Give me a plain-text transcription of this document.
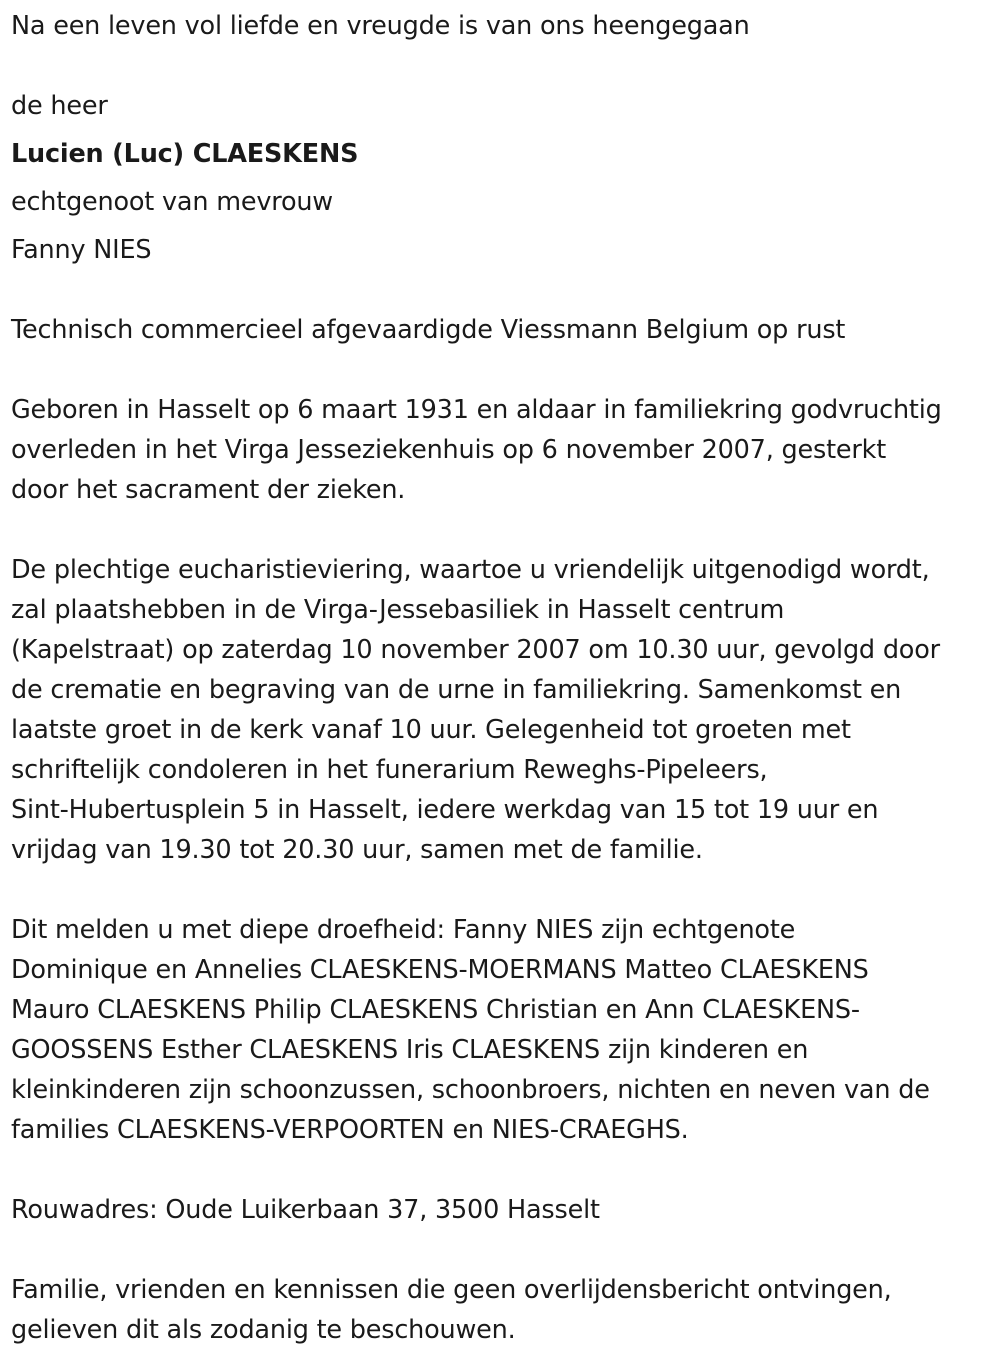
Na een leven vol liefde en vreugde is van ons heengegaan
de heer
Lucien (Luc) CLAESKENS
echtgenoot van mevrouw
Fanny NIES
Technisch commercieel afgevaardigde Viessmann Belgium op rust
Geboren in Hasselt op 6 maart 1931 en aldaar in familiekring godvruchtig
overleden in het Virga Jesseziekenhuis op 6 november 2007, gesterkt
door het sacrament der zieken.
De plechtige eucharistieviering, waartoe u vriendelijk uitgenodigd wordt,
zal plaatshebben in de Virga-Jessebasiliek in Hasselt centrum
(Kapelstraat) op zaterdag 10 november 2007 om 10.30 uur, gevolgd door
de crematie en begraving van de urne in familiekring. Samenkomst en
laatste groet in de kerk vanaf 10 uur. Gelegenheid tot groeten met
schriftelijk condoleren in het funerarium Reweghs-Pipeleers,
Sint-Hubertusplein 5 in Hasselt, iedere werkdag van 15 tot 19 uur en
vrijdag van 19.30 tot 20.30 uur, samen met de familie.
Dit melden u met diepe droefheid: Fanny NIES zijn echtgenote
Dominique en Annelies CLAESKENS-MOERMANS Matteo CLAESKENS
Mauro CLAESKENS Philip CLAESKENS Christian en Ann CLAESKENS-
GOOSSENS Esther CLAESKENS Iris CLAESKENS zijn kinderen en
kleinkinderen zijn schoonzussen, schoonbroers, nichten en neven van de
families CLAESKENS-VERPOORTEN en NIES-CRAEGHS.
Rouwadres: Oude Luikerbaan 37, 3500 Hasselt
Familie, vrienden en kennissen die geen overlijdensbericht ontvingen,
gelieven dit als zodanig te beschouwen.
